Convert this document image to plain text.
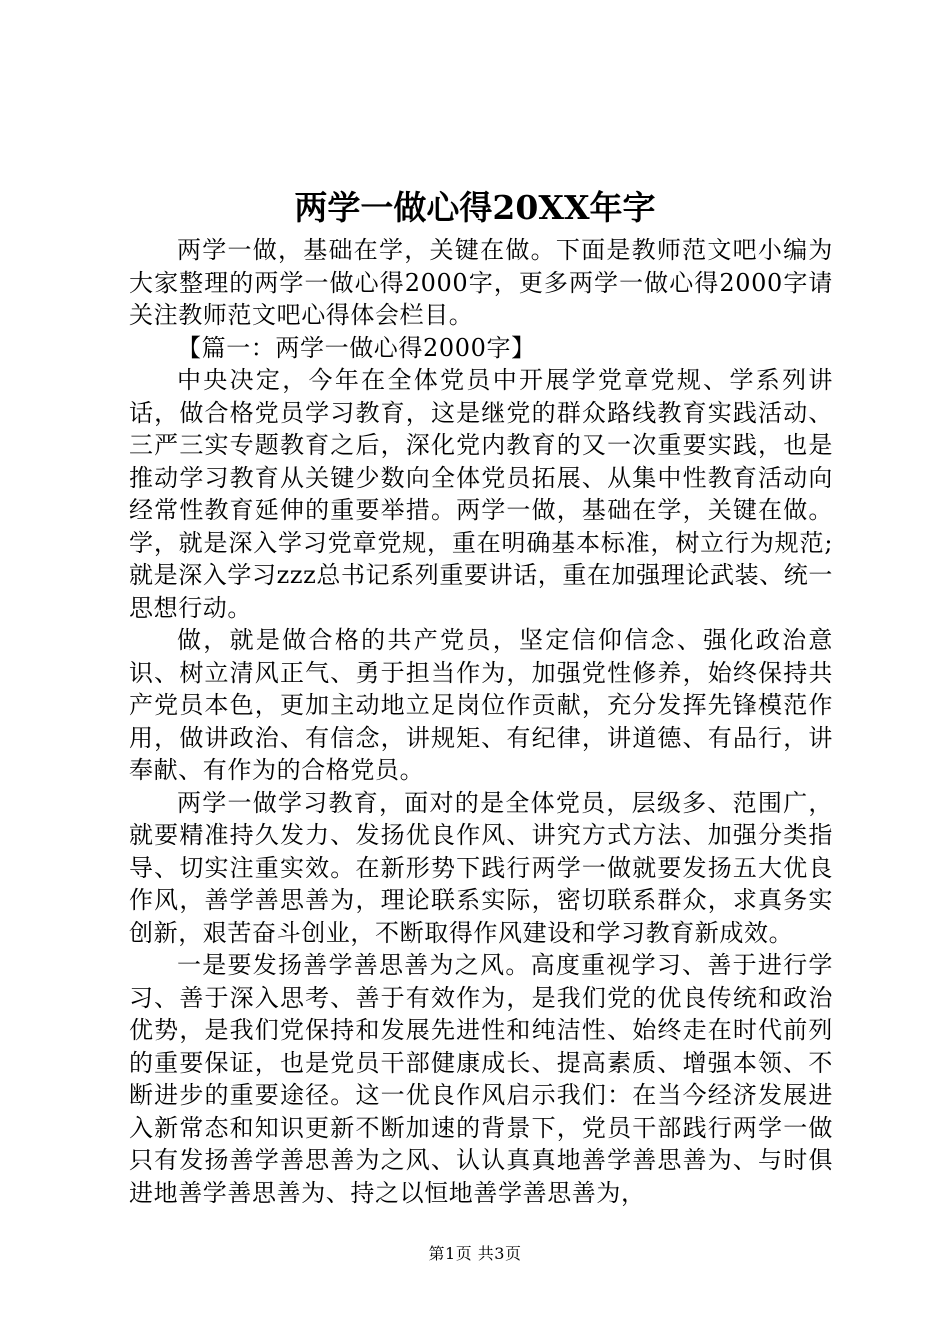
两学一做心得20XX年字

两学一做，基础在学，关键在做。下面是教师范文吧小编为大家整理的两学一做心得2000字，更多两学一做心得2000字请关注教师范文吧心得体会栏目。

【篇一：两学一做心得2000字】

中央决定，今年在全体党员中开展学党章党规、学系列讲话，做合格党员学习教育，这是继党的群众路线教育实践活动、三严三实专题教育之后，深化党内教育的又一次重要实践，也是推动学习教育从关键少数向全体党员拓展、从集中性教育活动向经常性教育延伸的重要举措。两学一做，基础在学，关键在做。学，就是深入学习党章党规，重在明确基本标准，树立行为规范;就是深入学习zzz总书记系列重要讲话，重在加强理论武装、统一思想行动。

做，就是做合格的共产党员，坚定信仰信念、强化政治意识、树立清风正气、勇于担当作为，加强党性修养，始终保持共产党员本色，更加主动地立足岗位作贡献，充分发挥先锋模范作用，做讲政治、有信念，讲规矩、有纪律，讲道德、有品行，讲奉献、有作为的合格党员。

两学一做学习教育，面对的是全体党员，层级多、范围广，就要精准持久发力、发扬优良作风、讲究方式方法、加强分类指导、切实注重实效。在新形势下践行两学一做就要发扬五大优良作风，善学善思善为，理论联系实际，密切联系群众，求真务实创新，艰苦奋斗创业，不断取得作风建设和学习教育新成效。

一是要发扬善学善思善为之风。高度重视学习、善于进行学习、善于深入思考、善于有效作为，是我们党的优良传统和政治优势，是我们党保持和发展先进性和纯洁性、始终走在时代前列的重要保证，也是党员干部健康成长、提高素质、增强本领、不断进步的重要途径。这一优良作风启示我们：在当今经济发展进入新常态和知识更新不断加速的背景下，党员干部践行两学一做只有发扬善学善思善为之风、认认真真地善学善思善为、与时俱进地善学善思善为、持之以恒地善学善思善为，

第1页 共3页
